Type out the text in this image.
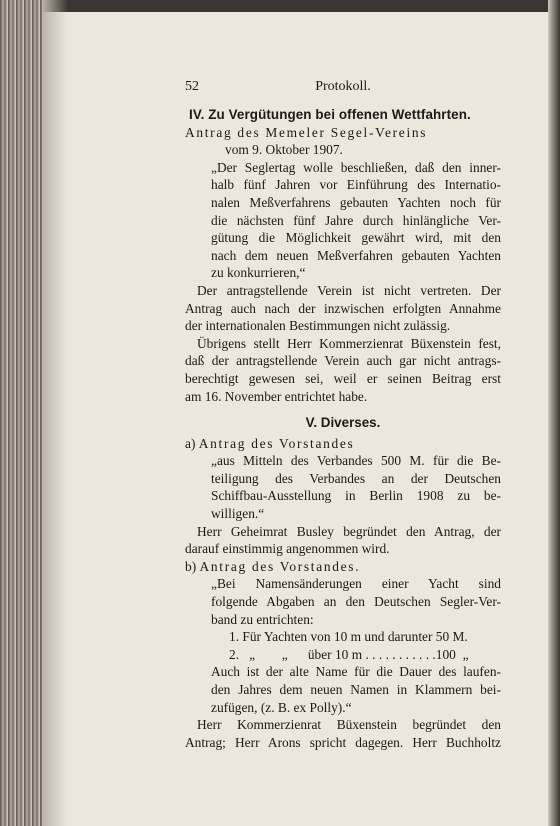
52	Protokoll.
IV. Zu Vergütungen bei offenen Wettfahrten.

Antrag des Memeler Segel-Vereins

vom 9. Oktober 1907.

„Der Seglertag wolle beschließen, daß den inner-

halb fünf Jahren vor Einführung des Internatio-

nalen Meßverfahrens gebauten Yachten noch für

die nächsten fünf Jahre durch hinlängliche Ver-

gütung die Möglichkeit gewährt wird, mit den

nach dem neuen Meßverfahren gebauten Yachten

zu konkurrieren,“

Der antragstellende Verein ist nicht vertreten. Der

Antrag auch nach der inzwischen erfolgten Annahme

der internationalen Bestimmungen nicht zulässig.

Übrigens stellt Herr Kommerzienrat Büxenstein fest,

daß der antragstellende Verein auch gar nicht antrags-

berechtigt gewesen sei, weil er seinen Beitrag erst

am 16. November entrichtet habe.

V. Diverses.

a) Antrag des Vorstandes

„aus Mitteln des Verbandes 500 M. für die Be-

teiligung des Verbandes an der Deutschen

Schiffbau-Ausstellung in Berlin 1908 zu be-

willigen.“

Herr Geheimrat Busley begründet den Antrag, der

darauf einstimmig angenommen wird.

b) Antrag des Vorstandes.

„Bei Namensänderungen einer Yacht sind

folgende Abgaben an den Deutschen Segler-Ver-

band zu entrichten:

1. Für Yachten von 10 m und darunter 50 M.

2.   „        „      über 10 m . . . . . . . . . . .100  „

Auch ist der alte Name für die Dauer des laufen-

den Jahres dem neuen Namen in Klammern bei-

zufügen, (z. B. ex Polly).“

Herr Kommerzienrat Büxenstein begründet den

Antrag; Herr Arons spricht dagegen. Herr Buchholtz
